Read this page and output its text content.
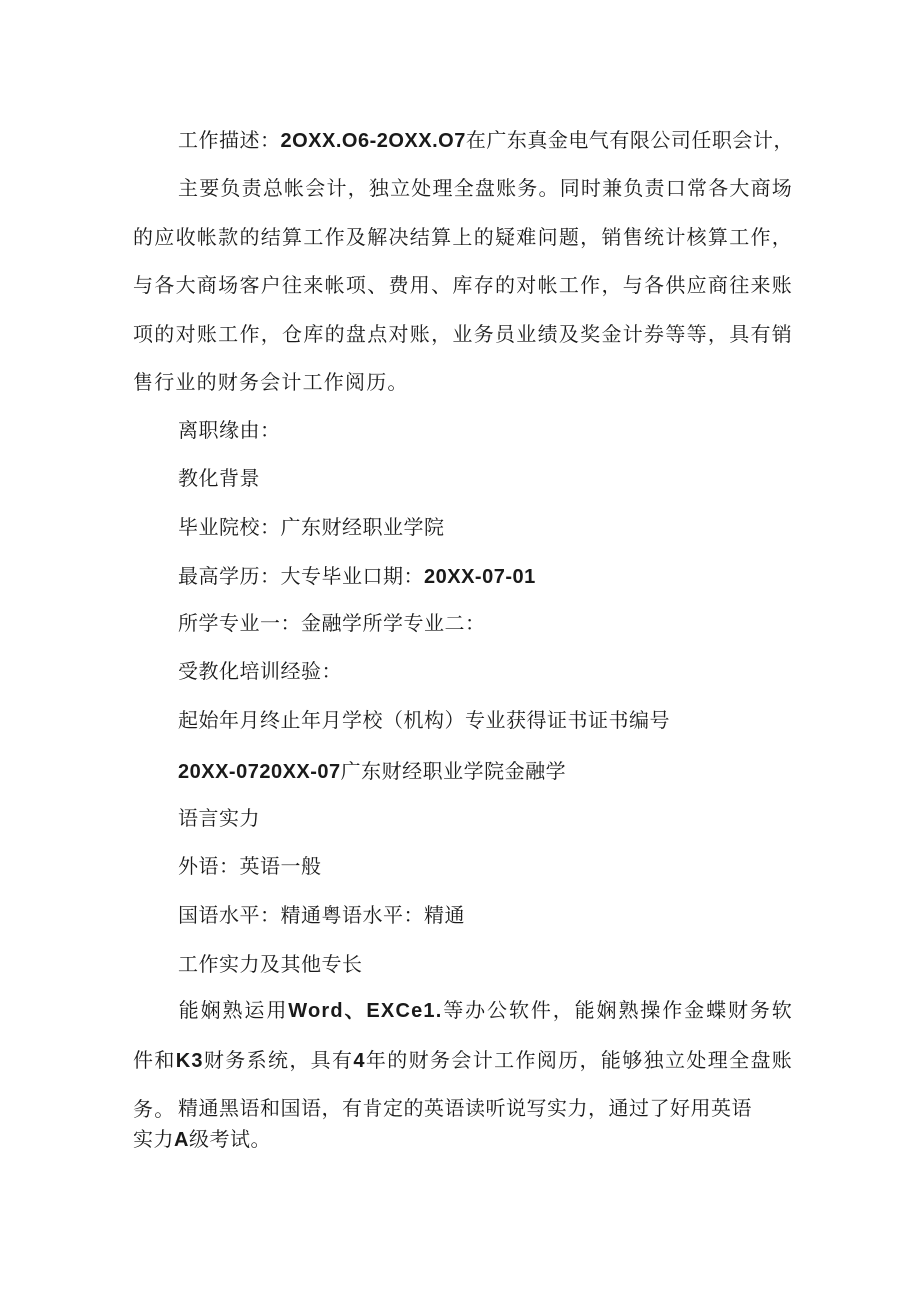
工作描述：2OXX.O6-2OXX.O7在广东真金电气有限公司任职会计，
主要负责总帐会计，独立处理全盘账务。同时兼负责口常各大商场的应收帐款的结算工作及解决结算上的疑难问题，销售统计核算工作，与各大商场客户往来帐项、费用、库存的对帐工作，与各供应商往来账项的对账工作，仓库的盘点对账，业务员业绩及奖金计券等等，具有销售行业的财务会计工作阅历。
离职缘由：
教化背景
毕业院校：广东财经职业学院
最高学历：大专毕业口期：20XX-07-01
所学专业一：金融学所学专业二：
受教化培训经验：
起始年月终止年月学校（机构）专业获得证书证书编号
20XX-0720XX-07广东财经职业学院金融学
语言实力
外语：英语一般
国语水平：精通粤语水平：精通
工作实力及其他专长
能娴熟运用Word、EXCe1.等办公软件，能娴熟操作金蝶财务软件和K3财务系统，具有4年的财务会计工作阅历，能够独立处理全盘账务。 精通黑语和国语，有肯定的英语读听说写实力，通过了好用英语
实力A级考试。
